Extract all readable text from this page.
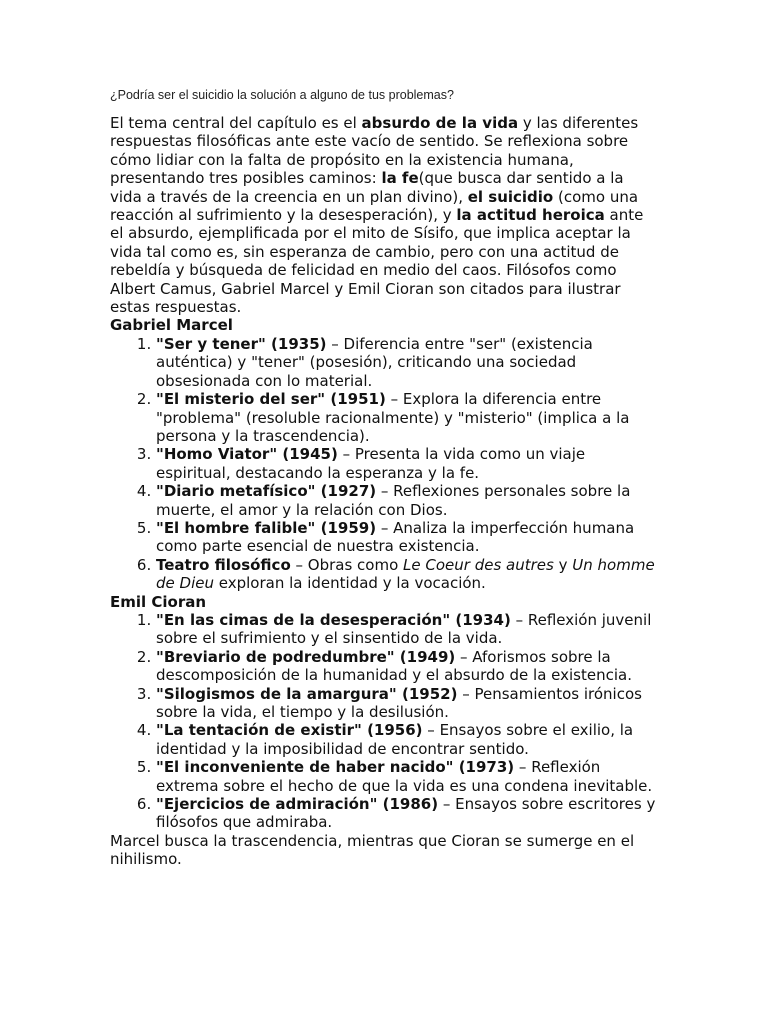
¿Podría ser el suicidio la solución a alguno de tus problemas?

El tema central del capítulo es el absurdo de la vida y las diferentes respuestas filosóficas ante este vacío de sentido. Se reflexiona sobre cómo lidiar con la falta de propósito en la existencia humana, presentando tres posibles caminos: la fe(que busca dar sentido a la vida a través de la creencia en un plan divino), el suicidio (como una reacción al sufrimiento y la desesperación), y la actitud heroica ante el absurdo, ejemplificada por el mito de Sísifo, que implica aceptar la vida tal como es, sin esperanza de cambio, pero con una actitud de rebeldía y búsqueda de felicidad en medio del caos. Filósofos como Albert Camus, Gabriel Marcel y Emil Cioran son citados para ilustrar estas respuestas.

Gabriel Marcel

1. "Ser y tener" (1935) – Diferencia entre "ser" (existencia auténtica) y "tener" (posesión), criticando una sociedad obsesionada con lo material.
2. "El misterio del ser" (1951) – Explora la diferencia entre "problema" (resoluble racionalmente) y "misterio" (implica a la persona y la trascendencia).
3. "Homo Viator" (1945) – Presenta la vida como un viaje espiritual, destacando la esperanza y la fe.
4. "Diario metafísico" (1927) – Reflexiones personales sobre la muerte, el amor y la relación con Dios.
5. "El hombre falible" (1959) – Analiza la imperfección humana como parte esencial de nuestra existencia.
6. Teatro filosófico – Obras como Le Coeur des autres y Un homme de Dieu exploran la identidad y la vocación.

Emil Cioran

1. "En las cimas de la desesperación" (1934) – Reflexión juvenil sobre el sufrimiento y el sinsentido de la vida.
2. "Breviario de podredumbre" (1949) – Aforismos sobre la descomposición de la humanidad y el absurdo de la existencia.
3. "Silogismos de la amargura" (1952) – Pensamientos irónicos sobre la vida, el tiempo y la desilusión.
4. "La tentación de existir" (1956) – Ensayos sobre el exilio, la identidad y la imposibilidad de encontrar sentido.
5. "El inconveniente de haber nacido" (1973) – Reflexión extrema sobre el hecho de que la vida es una condena inevitable.
6. "Ejercicios de admiración" (1986) – Ensayos sobre escritores y filósofos que admiraba.

Marcel busca la trascendencia, mientras que Cioran se sumerge en el nihilismo.
